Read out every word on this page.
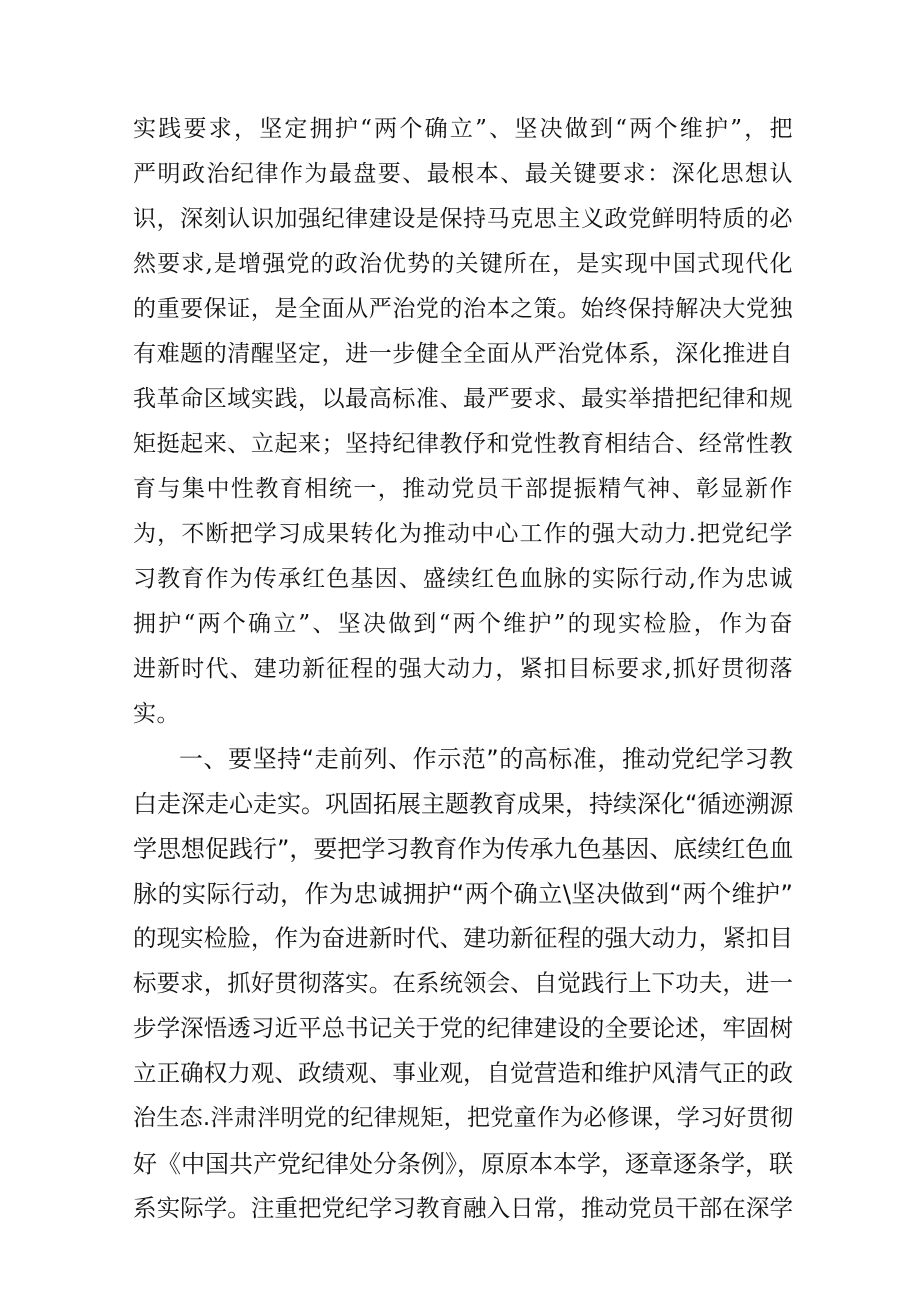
实践要求，坚定拥护“两个确立”、坚决做到“两个维护”，把

严明政治纪律作为最盘要、最根本、最关键要求：深化思想认

识，深刻认识加强纪律建设是保持马克思主义政党鲜明特质的必

然要求,是增强党的政治优势的关键所在，是实现中国式现代化

的重要保证，是全面从严治党的治本之策。始终保持解决大党独

有难题的清醒坚定，进一步健全全面从严治党体系，深化推进自

我革命区域实践，以最高标准、最严要求、最实举措把纪律和规

矩挺起来、立起来；坚持纪律教伃和党性教育相结合、经常性教

育与集中性教育相统一，推动党员干部提振精气神、彰显新作

为，不断把学习成果转化为推动中心工作的强大动力.把党纪学

习教育作为传承红色基因、盛续红色血脉的实际行动,作为忠诚

拥护“两个确立”、坚决做到“两个维护”的现实检脸，作为奋

进新时代、建功新征程的强大动力，紧扣目标要求,抓好贯彻落

实。

一、要坚持“走前列、作示范”的高标准，推动党纪学习教

白走深走心走实。巩固拓展主题教育成果，持续深化“循迹溯源

学思想促践行”，要把学习教育作为传承九色基因、底续红色血

脉的实际行动，作为忠诚拥护“两个确立\坚决做到“两个维护”

的现实检脸，作为奋进新时代、建功新征程的强大动力，紧扣目

标要求，抓好贯彻落实。在系统领会、自觉践行上下功夫，进一

步学深悟透习近平总书记关于党的纪律建设的全要论述，牢固树

立正确权力观、政绩观、事业观，自觉营造和维护风清气正的政

治生态.泮肃泮明党的纪律规矩，把党童作为必修课，学习好贯彻

好《中国共产党纪律处分条例》，原原本本学，逐章逐条学，联

系实际学。注重把党纪学习教育融入日常，推动党员干部在深学
